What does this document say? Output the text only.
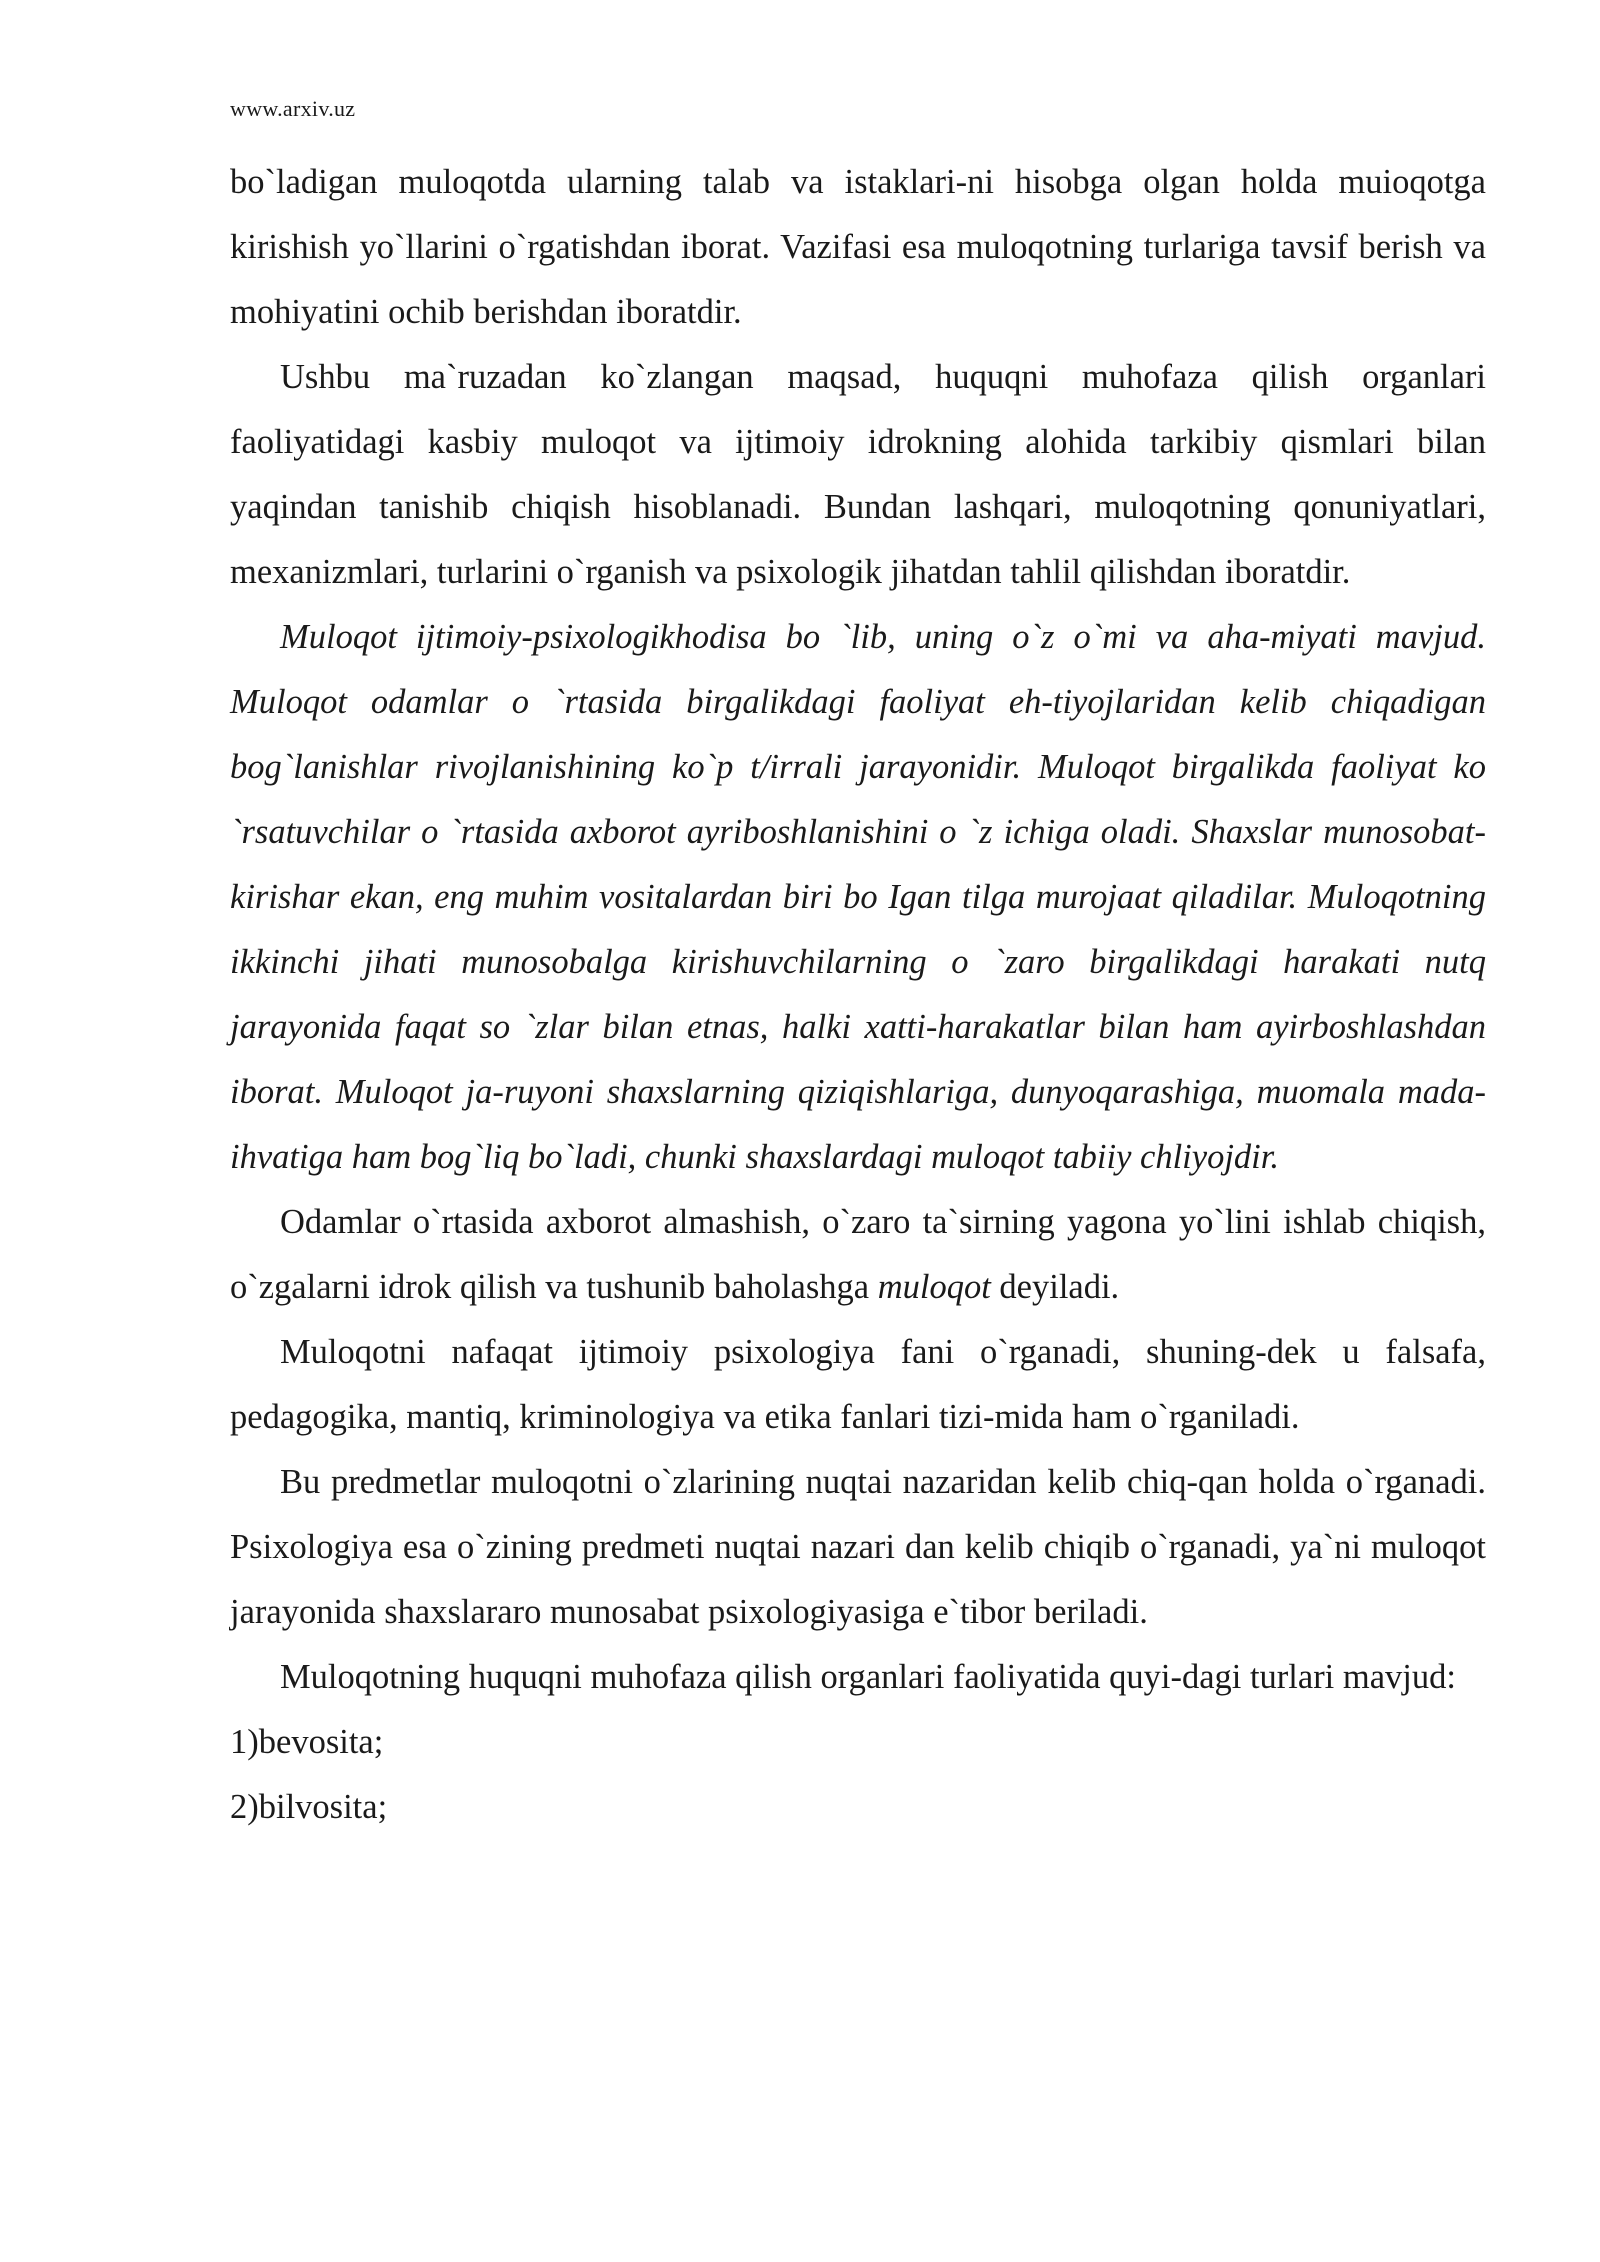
www.arxiv.uz

bo`ladigan muloqotda ularning talab va istaklari-ni hisobga olgan holda muioqotga kirishish yo`llarini o`rgatishdan iborat. Vazifasi esa muloqotning turlariga tavsif berish va mohiyatini ochib berishdan iboratdir.

Ushbu ma`ruzadan ko`zlangan maqsad, huquqni muhofaza qilish organlari faoliyatidagi kasbiy muloqot va ijtimoiy idrokning alohida tarkibiy qismlari bilan yaqindan tanishib chiqish hisoblanadi. Bundan lashqari, muloqotning qonuniyatlari, mexanizmlari, turlarini o`rganish va psixologik jihatdan tahlil qilishdan iboratdir.

Muloqot ijtimoiy-psixologikhodisa bo `lib, uning o`z o`mi va aha-miyati mavjud. Muloqot odamlar o `rtasida birgalikdagi faoliyat eh-tiyojlaridan kelib chiqadigan bog`lanishlar rivojlanishining ko`p t/irrali jarayonidir. Muloqot birgalikda faoliyat ko `rsatuvchilar o `rtasida axborot ayriboshlanishini o `z ichiga oladi. Shaxslar munosobat- kirishar ekan, eng muhim vositalardan biri bo Igan tilga murojaat qiladilar. Muloqotning ikkinchi jihati munosobalga kirishuvchilarning o `zaro birgalikdagi harakati nutq jarayonida faqat so `zlar bilan etnas, halki xatti-harakatlar bilan ham ayirboshlashdan iborat. Muloqot ja-ruyoni shaxslarning qiziqishlariga, dunyoqarashiga, muomala mada-ihvatiga ham bog`liq bo`ladi, chunki shaxslardagi muloqot tabiiy chliyojdir.

Odamlar o`rtasida axborot almashish, o`zaro ta`sirning yagona yo`lini ishlab chiqish, o`zgalarni idrok qilish va tushunib baholashga muloqot deyiladi.

Muloqotni nafaqat ijtimoiy psixologiya fani o`rganadi, shuning-dek u falsafa, pedagogika, mantiq, kriminologiya va etika fanlari tizi-mida ham o`rganiladi.

Bu predmetlar muloqotni o`zlarining nuqtai nazaridan kelib chiq-qan holda o`rganadi. Psixologiya esa o`zining predmeti nuqtai nazari dan kelib chiqib o`rganadi, ya`ni muloqot jarayonida shaxslararo munosabat psixologiyasiga e`tibor beriladi.

Muloqotning huquqni muhofaza qilish organlari faoliyatida quyi-dagi turlari mavjud:

1)bevosita;

2)bilvosita;
